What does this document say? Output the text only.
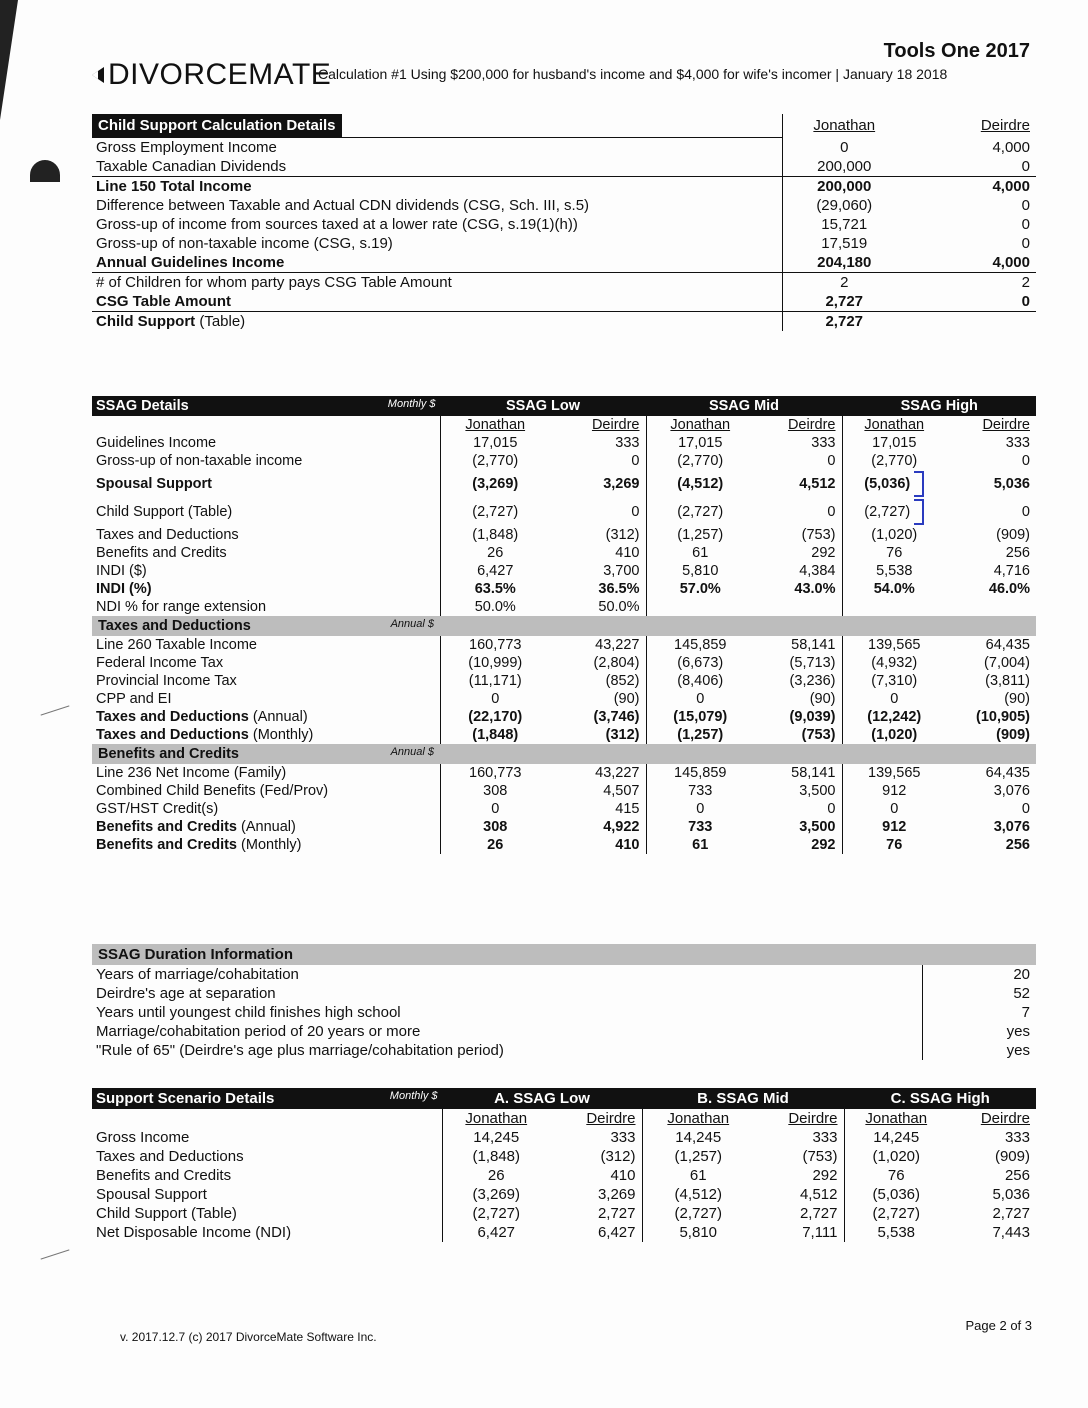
DIVORCEMATE
Tools One 2017
Calculation #1 Using $200,000 for husband's income and $4,000 for wife's incomer | January 18 2018
Child Support Calculation Details	Jonathan	Deirdre
Gross Employment Income	0	4,000
Taxable Canadian Dividends	200,000	0
Line 150 Total Income	200,000	4,000
Difference between Taxable and Actual CDN dividends (CSG, Sch. III, s.5)	(29,060)	0
Gross-up of income from sources taxed at a lower rate (CSG, s.19(1)(h))	15,721	0
Gross-up of non-taxable income (CSG, s.19)	17,519	0
Annual Guidelines Income	204,180	4,000
# of Children for whom party pays CSG Table Amount	2	2
CSG Table Amount	2,727	0
Child Support (Table)	2,727	
SSAG Details Monthly $	SSAG Low		SSAG Mid		SSAG High	
	Jonathan	Deirdre	Jonathan	Deirdre	Jonathan	Deirdre
Guidelines Income	17,015	333	17,015	333	17,015	333
Gross-up of non-taxable income	(2,770)	0	(2,770)	0	(2,770)	0
Spousal Support	(3,269)	3,269	(4,512)	4,512	(5,036)	5,036
Child Support (Table)	(2,727)	0	(2,727)	0	(2,727)	0
Taxes and Deductions	(1,848)	(312)	(1,257)	(753)	(1,020)	(909)
Benefits and Credits	26	410	61	292	76	256
INDI ($)	6,427	3,700	5,810	4,384	5,538	4,716
INDI (%)	63.5%	36.5%	57.0%	43.0%	54.0%	46.0%
NDI % for range extension	50.0%	50.0%				
Taxes and Deductions Annual $						

Line 260 Taxable Income	160,773	43,227	145,859	58,141	139,565	64,435
Federal Income Tax	(10,999)	(2,804)	(6,673)	(5,713)	(4,932)	(7,004)
Provincial Income Tax	(11,171)	(852)	(8,406)	(3,236)	(7,310)	(3,811)
CPP and EI	0	(90)	0	(90)	0	(90)
Taxes and Deductions (Annual)	(22,170)	(3,746)	(15,079)	(9,039)	(12,242)	(10,905)
Taxes and Deductions (Monthly)	(1,848)	(312)	(1,257)	(753)	(1,020)	(909)
Benefits and Credits Annual $						

Line 236 Net Income (Family)	160,773	43,227	145,859	58,141	139,565	64,435
Combined Child Benefits (Fed/Prov)	308	4,507	733	3,500	912	3,076
GST/HST Credit(s)	0	415	0	0	0	0
Benefits and Credits (Annual)	308	4,922	733	3,500	912	3,076
Benefits and Credits (Monthly)	26	410	61	292	76	256
SSAG Duration Information	
Years of marriage/cohabitation	20
Deirdre's age at separation	52
Years until youngest child finishes high school	7
Marriage/cohabitation period of 20 years or more	yes
"Rule of 65" (Deirdre's age plus marriage/cohabitation period)	yes
Support Scenario Details Monthly $	A. SSAG Low		B. SSAG Mid		C. SSAG High	
	Jonathan	Deirdre	Jonathan	Deirdre	Jonathan	Deirdre
Gross Income	14,245	333	14,245	333	14,245	333
Taxes and Deductions	(1,848)	(312)	(1,257)	(753)	(1,020)	(909)
Benefits and Credits	26	410	61	292	76	256
Spousal Support	(3,269)	3,269	(4,512)	4,512	(5,036)	5,036
Child Support (Table)	(2,727)	2,727	(2,727)	2,727	(2,727)	2,727
Net Disposable Income (NDI)	6,427	6,427	5,810	7,111	5,538	7,443
v. 2017.12.7 (c) 2017 DivorceMate Software Inc.
Page 2 of 3
